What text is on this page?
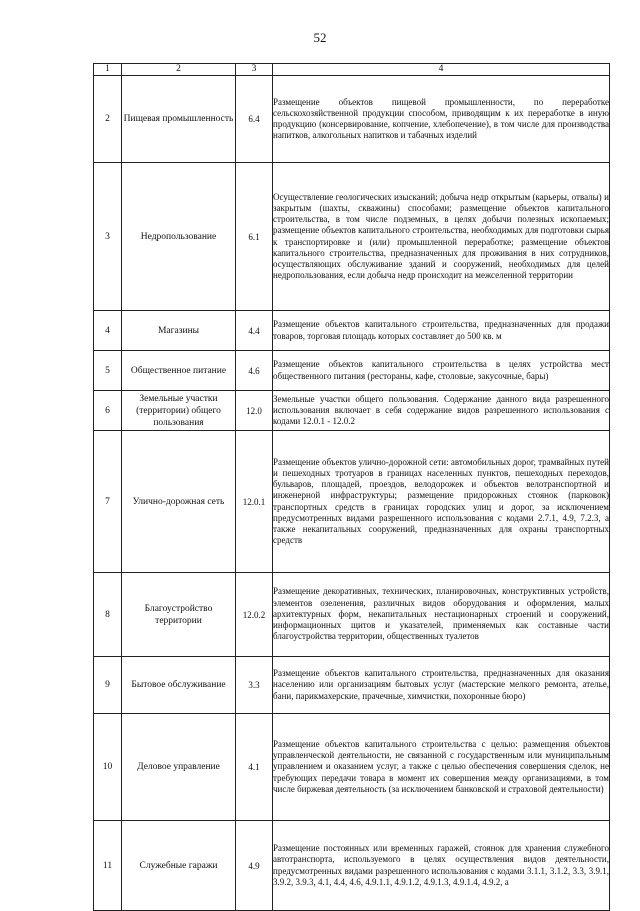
52
1	2	3	4
2	Пищевая промышленность	6.4	Размещение объектов пищевой промышленности, по переработке сельскохозяйственной продукции способом, приводящим к их переработке в иную продукцию (консервирование, копчение, хлебопечение), в том числе для производства напитков, алкогольных напитков и табачных изделий
3	Недропользование	6.1	Осуществление геологических изысканий; добыча недр открытым (карьеры, отвалы) и закрытым (шахты, скважины) способами; размещение объектов капитального строительства, в том числе подземных, в целях добычи полезных ископаемых; размещение объектов капитального строительства, необходимых для подготовки сырья к транспортировке и (или) промышленной переработке; размещение объектов капитального строительства, предназначенных для проживания в них сотрудников, осуществляющих обслуживание зданий и сооружений, необходимых для целей недропользования, если добыча недр происходит на межселенной территории
4	Магазины	4.4	Размещение объектов капитального строительства, предназначенных для продажи товаров, торговая площадь которых составляет до 500 кв. м
5	Общественное питание	4.6	Размещение объектов капитального строительства в целях устройства мест общественного питания (рестораны, кафе, столовые, закусочные, бары)
6	Земельные участки (территории) общего пользования	12.0	Земельные участки общего пользования. Содержание данного вида разрешенного использования включает в себя содержание видов разрешенного использования с кодами 12.0.1 - 12.0.2
7	Улично-дорожная сеть	12.0.1	Размещение объектов улично-дорожной сети: автомобильных дорог, трамвайных путей и пешеходных тротуаров в границах населенных пунктов, пешеходных переходов, бульваров, площадей, проездов, велодорожек и объектов велотранспортной и инженерной инфраструктуры; размещение придорожных стоянок (парковок) транспортных средств в границах городских улиц и дорог, за исключением предусмотренных видами разрешенного использования с кодами 2.7.1, 4.9, 7.2.3, а также некапитальных сооружений, предназначенных для охраны транспортных средств
8	Благоустройство территории	12.0.2	Размещение декоративных, технических, планировочных, конструктивных устройств, элементов озеленения, различных видов оборудования и оформления, малых архитектурных форм, некапитальных нестационарных строений и сооружений, информационных щитов и указателей, применяемых как составные части благоустройства территории, общественных туалетов
9	Бытовое обслуживание	3.3	Размещение объектов капитального строительства, предназначенных для оказания населению или организациям бытовых услуг (мастерские мелкого ремонта, ателье, бани, парикмахерские, прачечные, химчистки, похоронные бюро)
10	Деловое управление	4.1	Размещение объектов капитального строительства с целью: размещения объектов управленческой деятельности, не связанной с государственным или муниципальным управлением и оказанием услуг, а также с целью обеспечения совершения сделок, не требующих передачи товара в момент их совершения между организациями, в том числе биржевая деятельность (за исключением банковской и страховой деятельности)
11	Служебные гаражи	4.9	Размещение постоянных или временных гаражей, стоянок для хранения служебного автотранспорта, используемого в целях осуществления видов деятельности, предусмотренных видами разрешенного использования с кодами 3.1.1, 3.1.2, 3.3, 3.9.1, 3.9.2, 3.9.3, 4.1, 4.4, 4.6, 4.9.1.1, 4.9.1.2, 4.9.1.3, 4.9.1.4, 4.9.2, а
